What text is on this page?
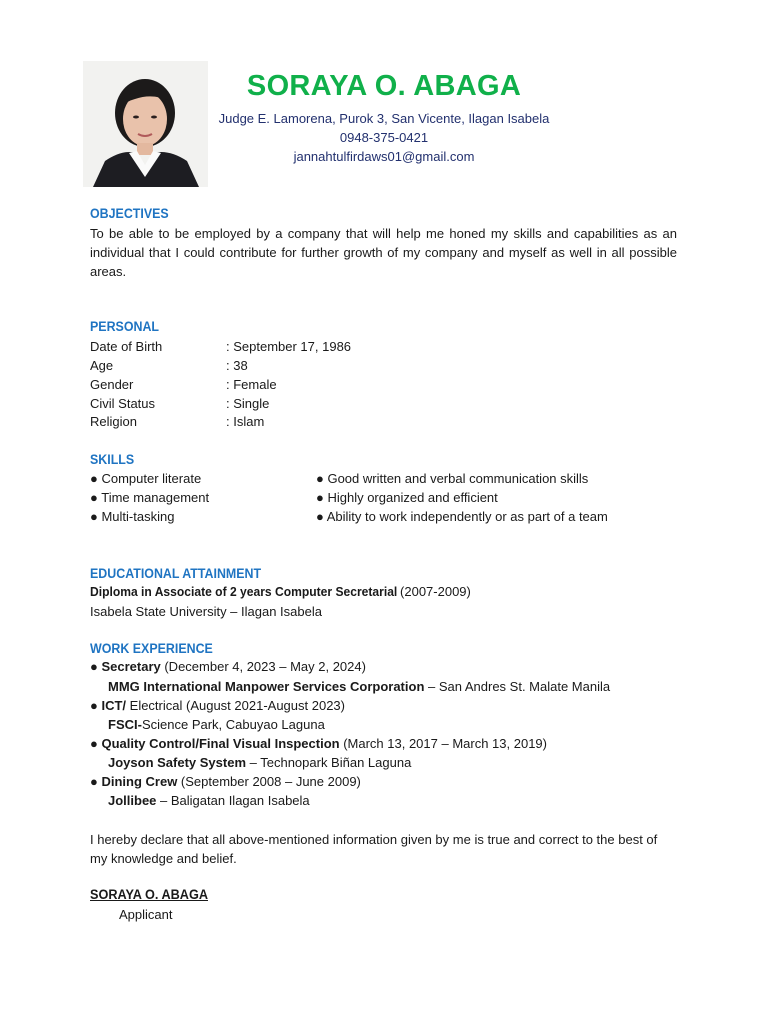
SORAYA O. ABAGA
Judge E. Lamorena, Purok 3, San Vicente, Ilagan Isabela
0948-375-0421
jannahtulfirdaws01@gmail.com
OBJECTIVES
To be able to be employed by a company that will help me honed my skills and capabilities as an individual that I could contribute for further growth of my company and myself as well in all possible areas.
PERSONAL
Date of Birth	: September 17, 1986
Age	: 38
Gender	: Female
Civil Status	: Single
Religion	: Islam
SKILLS
● Computer literate
● Time management
● Multi-tasking
● Good written and verbal communication skills
● Highly organized and efficient
● Ability to work independently or as part of a team
EDUCATIONAL ATTAINMENT
Diploma in Associate of 2 years Computer Secretarial (2007-2009)
Isabela State University – Ilagan Isabela
WORK EXPERIENCE
● Secretary (December 4, 2023 – May 2, 2024)
MMG International Manpower Services Corporation – San Andres St. Malate Manila
● ICT/ Electrical (August 2021-August 2023)
FSCI-Science Park, Cabuyao Laguna
● Quality Control/Final Visual Inspection (March 13, 2017 – March 13, 2019)
Joyson Safety System – Technopark Biñan Laguna
● Dining Crew (September 2008 – June 2009)
Jollibee – Baligatan Ilagan Isabela
I hereby declare that all above-mentioned information given by me is true and correct to the best of my knowledge and belief.
SORAYA O. ABAGA
Applicant
